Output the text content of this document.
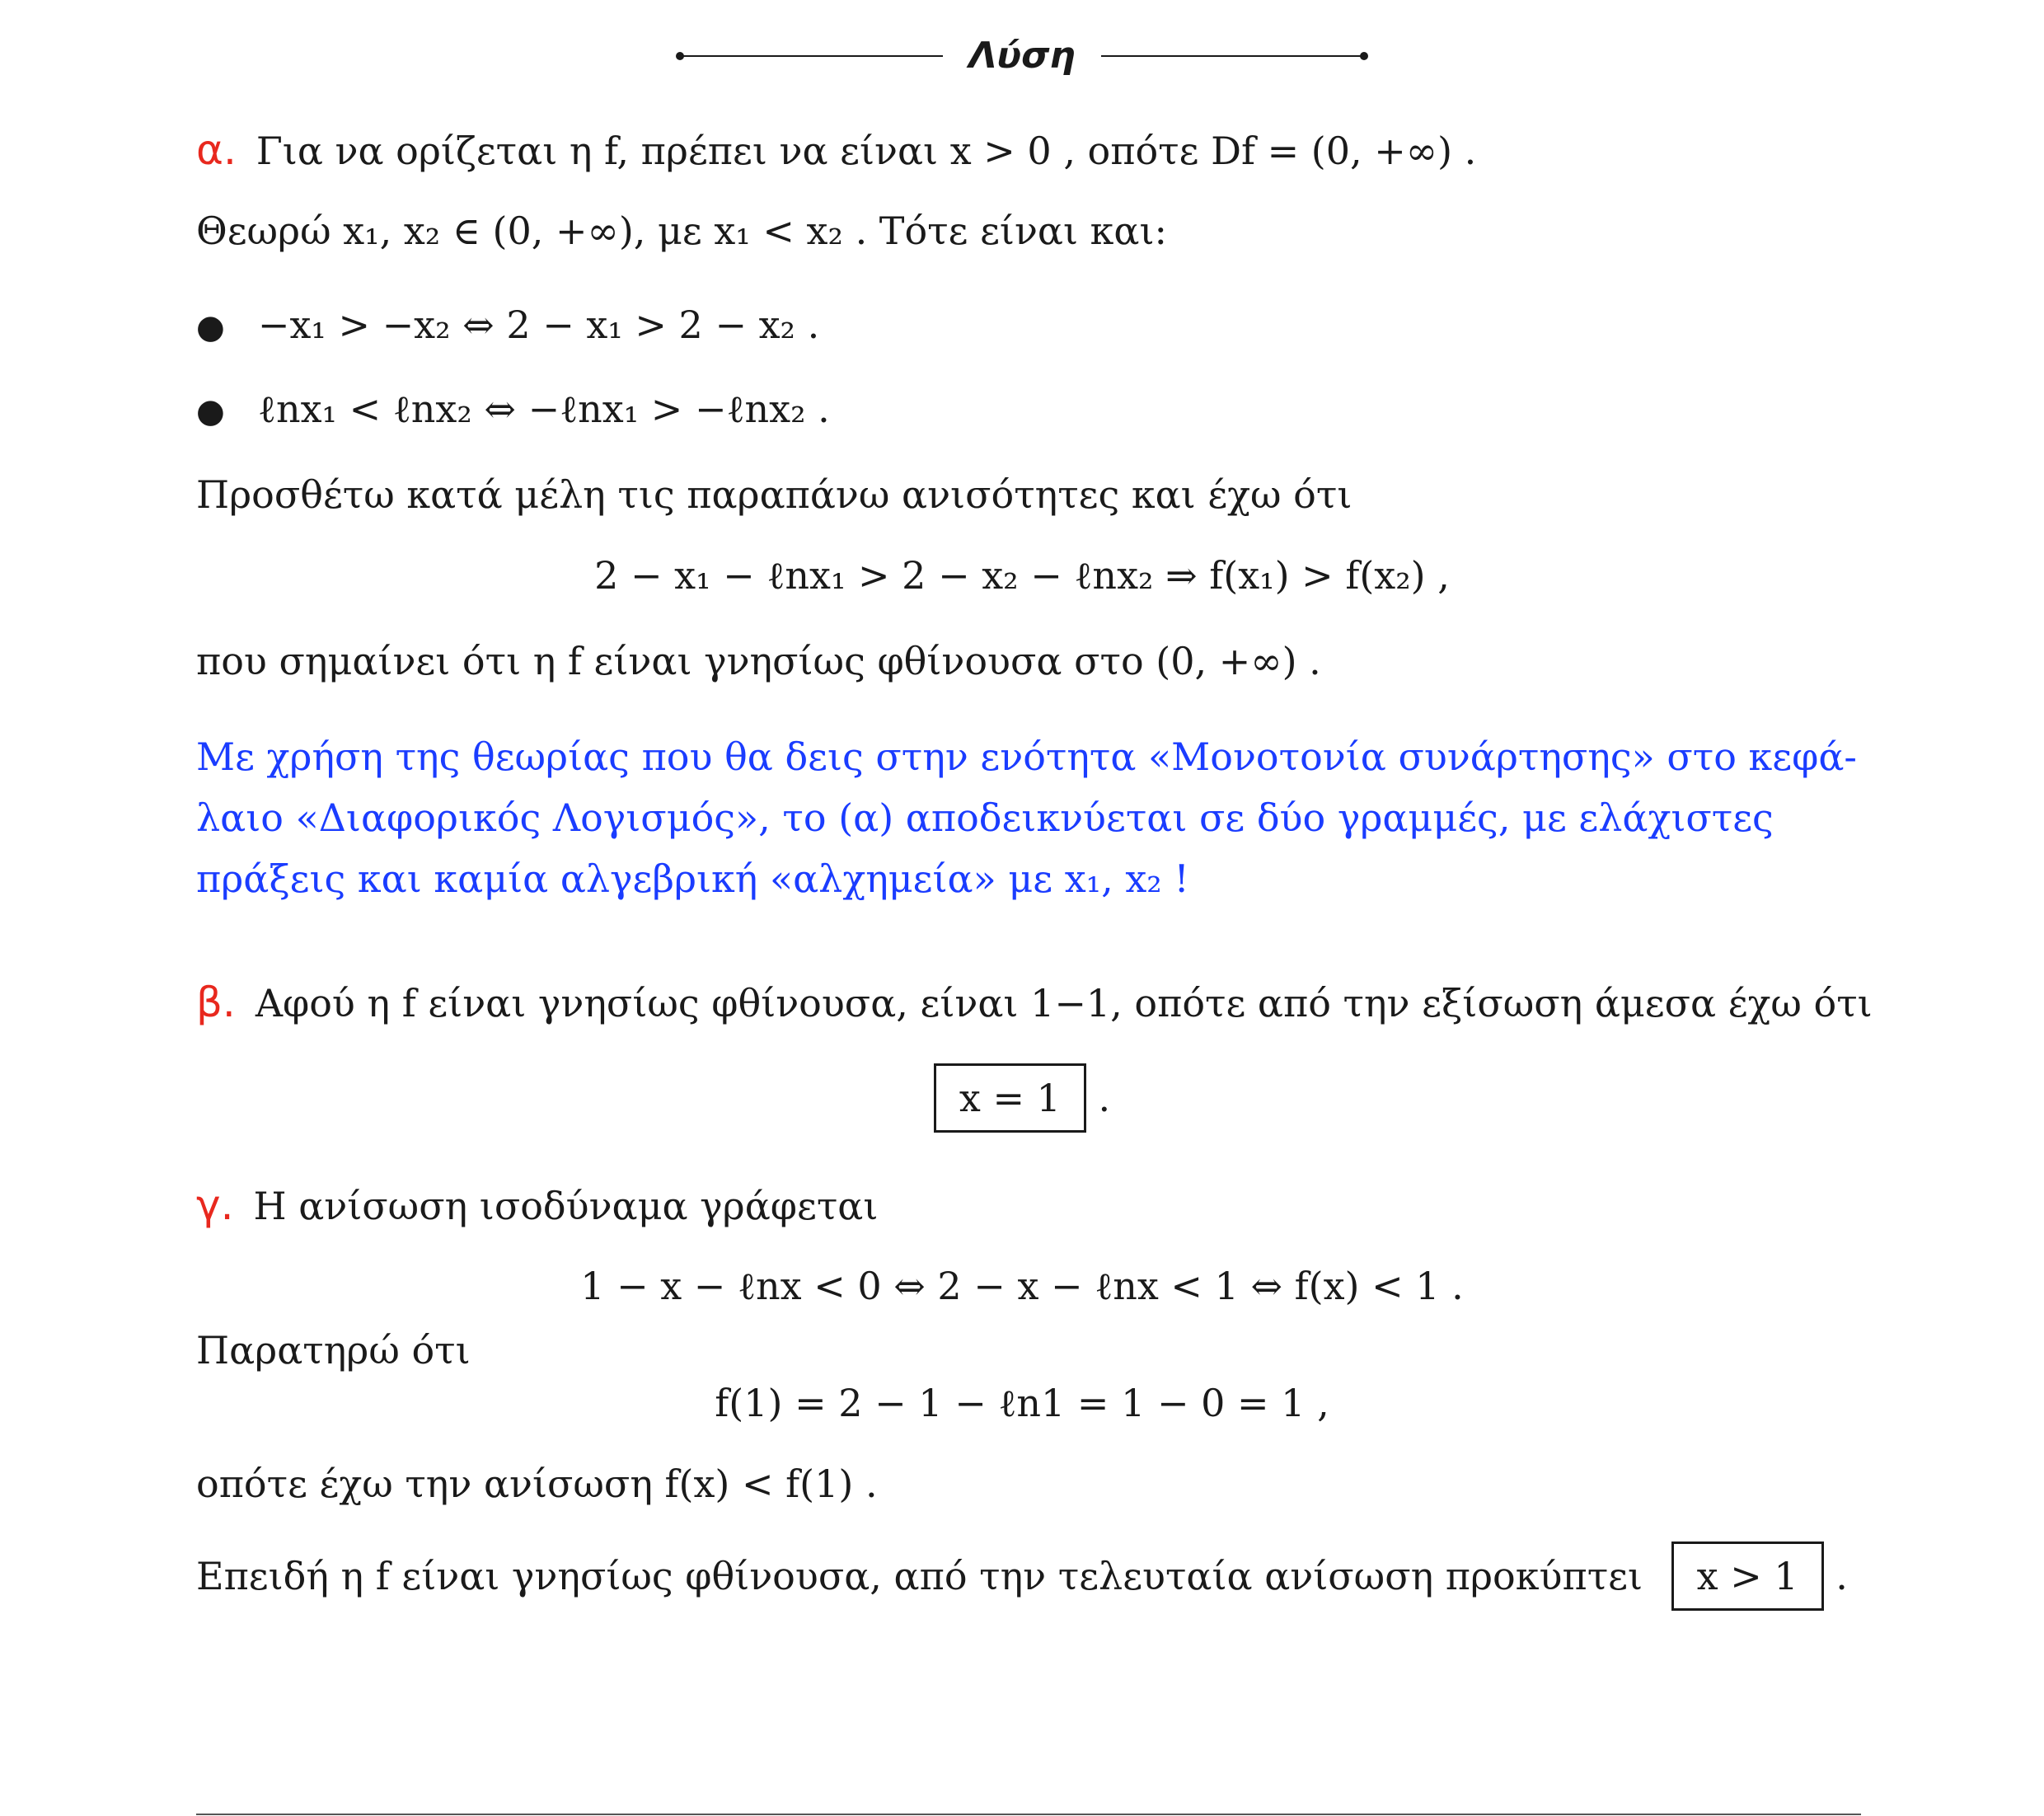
Λύση
α. Για να ορίζεται η f, πρέπει να είναι x > 0 , οπότε Df = (0, +∞) .
Θεωρώ x₁, x₂ ∈ (0, +∞), με x₁ < x₂ . Τότε είναι και:
● −x₁ > −x₂ ⇔ 2 − x₁ > 2 − x₂ .
● ℓnx₁ < ℓnx₂ ⇔ −ℓnx₁ > −ℓnx₂ .
Προσθέτω κατά μέλη τις παραπάνω ανισότητες και έχω ότι
2 − x₁ − ℓnx₁ > 2 − x₂ − ℓnx₂ ⇒ f(x₁) > f(x₂) ,
που σημαίνει ότι η f είναι γνησίως φθίνουσα στο (0, +∞) .
Με χρήση της θεωρίας που θα δεις στην ενότητα «Μονοτονία συνάρτησης» στο κεφά-
λαιο «Διαφορικός Λογισμός», το (α) αποδεικνύεται σε δύο γραμμές, με ελάχιστες
πράξεις και καμία αλγεβρική «αλχημεία» με x₁, x₂ !
β. Αφού η f είναι γνησίως φθίνουσα, είναι 1−1, οπότε από την εξίσωση άμεσα έχω ότι
x = 1 .
γ. Η ανίσωση ισοδύναμα γράφεται
1 − x − ℓnx < 0 ⇔ 2 − x − ℓnx < 1 ⇔ f(x) < 1 .
Παρατηρώ ότι
f(1) = 2 − 1 − ℓn1 = 1 − 0 = 1 ,
οπότε έχω την ανίσωση f(x) < f(1) .
Επειδή η f είναι γνησίως φθίνουσα, από την τελευταία ανίσωση προκύπτει x > 1 .
